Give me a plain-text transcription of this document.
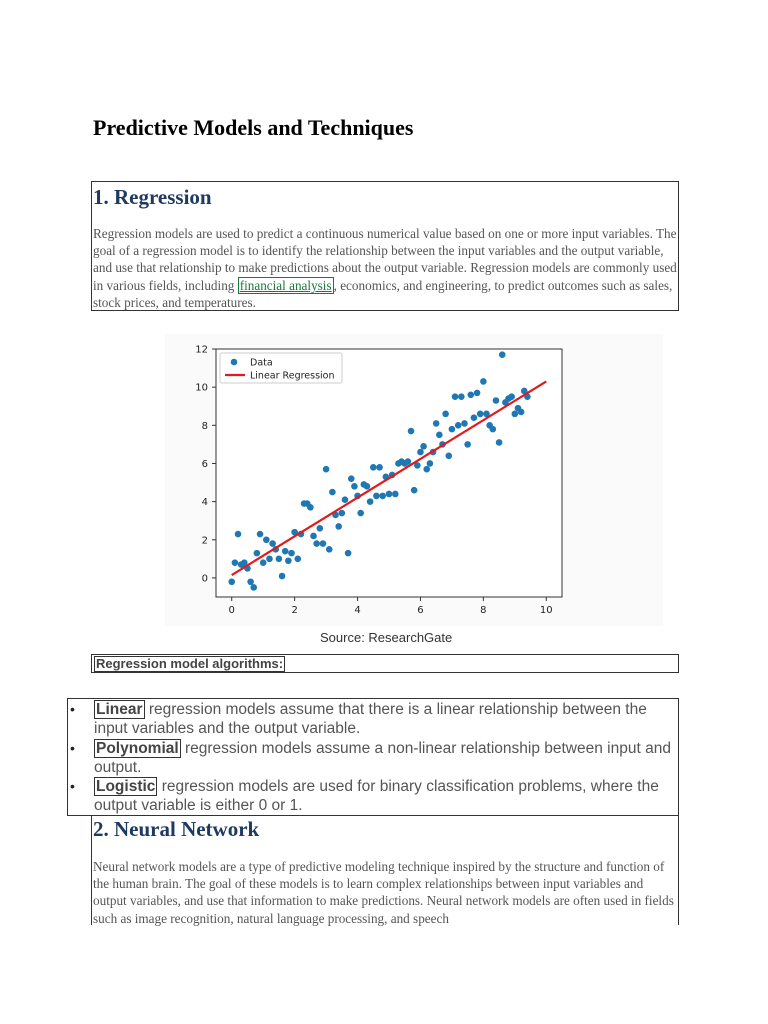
Predictive Models and Techniques
1. Regression
Regression models are used to predict a continuous numerical value based on one or more input variables. The goal of a regression model is to identify the relationship between the input variables and the output variable, and use that relationship to make predictions about the output variable. Regression models are commonly used in various fields, including financial analysis , economics, and engineering, to predict outcomes such as sales, stock prices, and temperatures.
0	2	4	6	8	10
0
2
4
6
8
10
12
Data
Linear Regression
Source: ResearchGate
Regression model algorithms:
• Linear regression models assume that there is a linear relationship between the input variables and the output variable.
• Polynomial regression models assume a non-linear relationship between input and output.
• Logistic regression models are used for binary classification problems, where the output variable is either 0 or 1.
2. Neural Network
Neural network models are a type of predictive modeling technique inspired by the structure and function of the human brain. The goal of these models is to learn complex relationships between input variables and output variables, and use that information to make predictions. Neural network models are often used in fields such as image recognition, natural language processing, and speech
